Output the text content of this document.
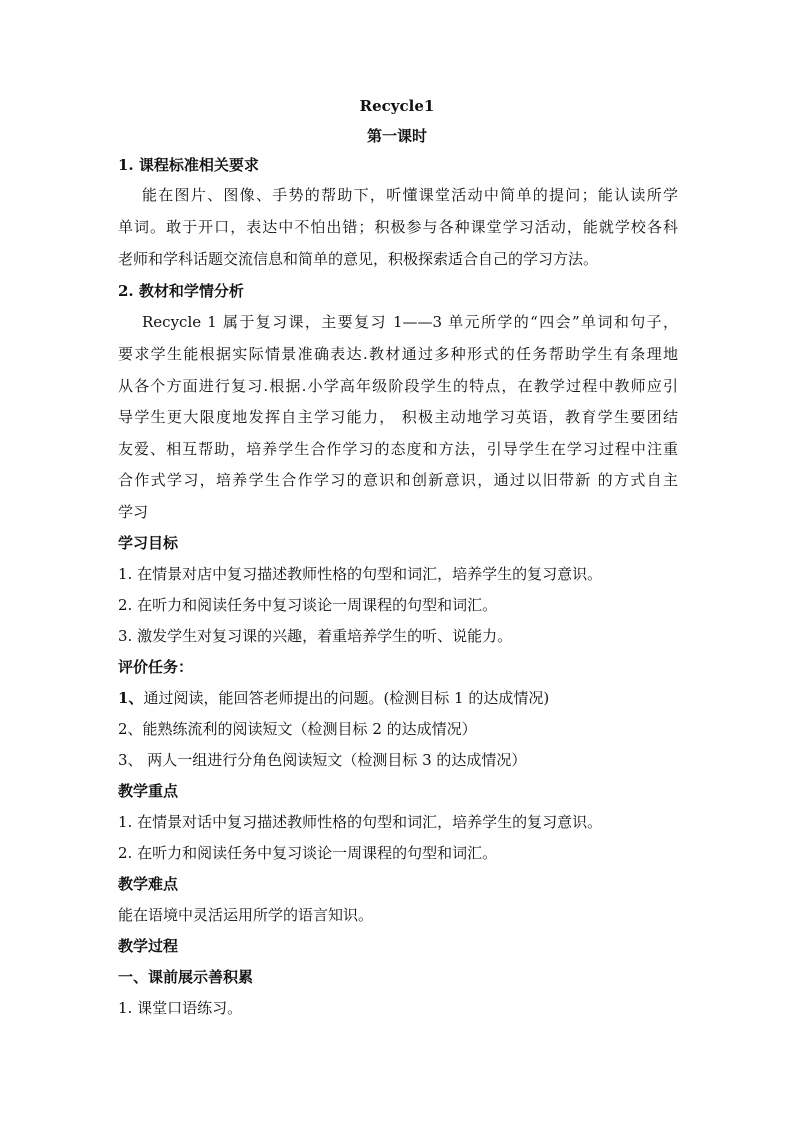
Recycle1
第一课时
1. 课程标准相关要求
能在图片、图像、手势的帮助下，听懂课堂活动中简单的提问；能认读所学
单词。敢于开口，表达中不怕出错；积极参与各种课堂学习活动，能就学校各科
老师和学科话题交流信息和简单的意见，积极探索适合自己的学习方法。
2. 教材和学情分析
Recycle 1 属于复习课，主要复习 1——3 单元所学的“四会”单词和句子，
要求学生能根据实际情景准确表达.教材通过多种形式的任务帮助学生有条理地
从各个方面进行复习.根据.小学高年级阶段学生的特点，在教学过程中教师应引
导学生更大限度地发挥自主学习能力， 积极主动地学习英语，教育学生要团结
友爱、相互帮助，培养学生合作学习的态度和方法，引导学生在学习过程中注重
合作式学习，培养学生合作学习的意识和创新意识，通过以旧带新 的方式自主
学习
学习目标
1. 在情景对店中复习描述教师性格的句型和词汇，培养学生的复习意识。
2. 在听力和阅读任务中复习谈论一周课程的句型和词汇。
3. 激发学生对复习课的兴趣，着重培养学生的听、说能力。
评价任务：
1、通过阅读，能回答老师提出的问题。(检测目标 1 的达成情况)
2、能熟练流利的阅读短文（检测目标 2 的达成情况）
3、 两人一组进行分角色阅读短文（检测目标 3 的达成情况）
教学重点
1. 在情景对话中复习描述教师性格的句型和词汇，培养学生的复习意识。
2. 在听力和阅读任务中复习谈论一周课程的句型和词汇。
教学难点
能在语境中灵活运用所学的语言知识。
教学过程
一、课前展示善积累
1. 课堂口语练习。
